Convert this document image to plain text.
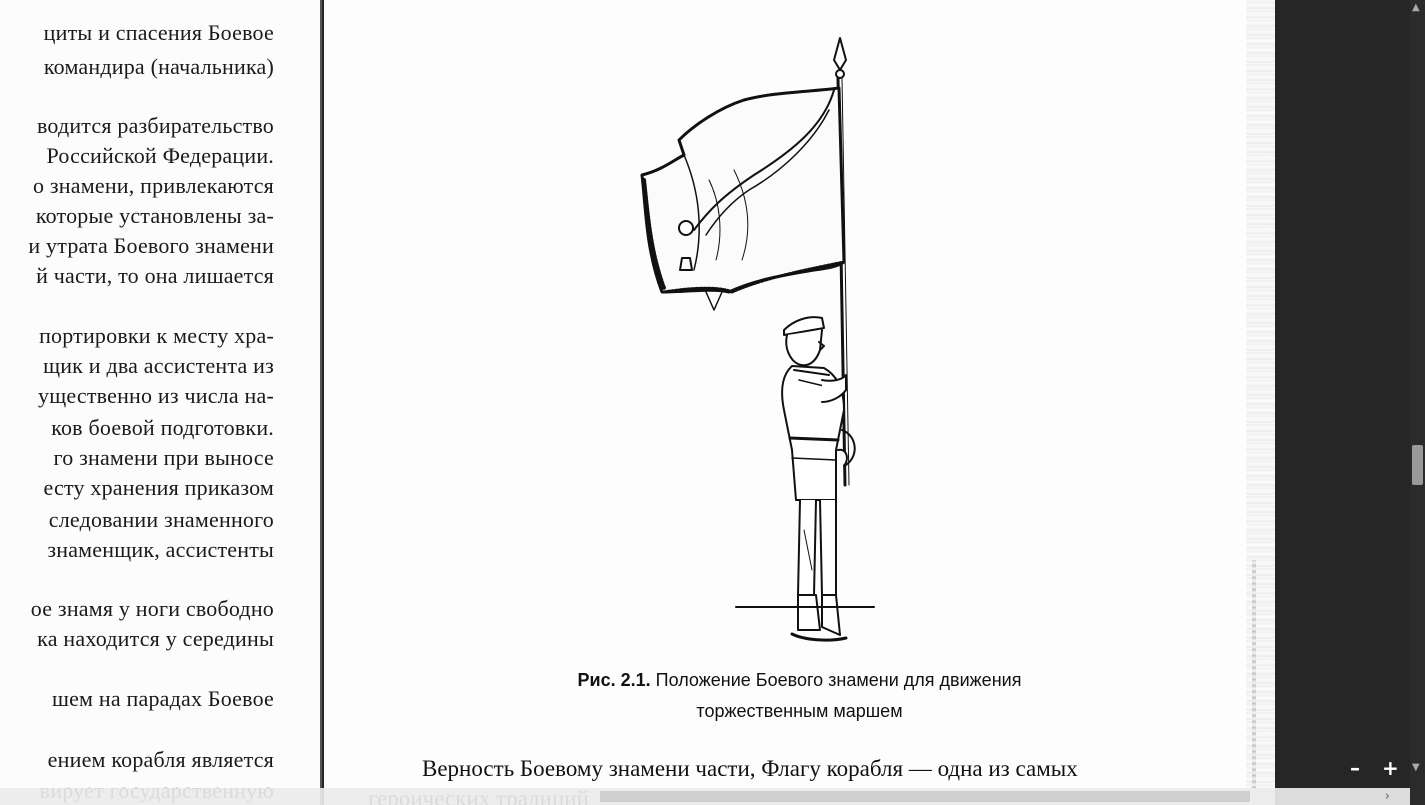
циты и спасения Боевое
командира (начальника)
водится разбирательство
Российской Федерации.
о знамени, привлекаются
которые установлены за-
и утрата Боевого знамени
й части, то она лишается
портировки к месту хра-
щик и два ассистента из
ущественно из числа на-
ков боевой подготовки.
го знамени при выносе
есту хранения приказом
следовании знаменного
знаменщик, ассистенты
ое знамя у ноги свободно
ка находится у середины
шем на парадах Боевое
ением корабля является
Рис. 2.1. Положение Боевого знамени для движения
торжественным маршем
Верность Боевому знамени части, Флагу корабля — одна из самых
›
– +
▲
▼
